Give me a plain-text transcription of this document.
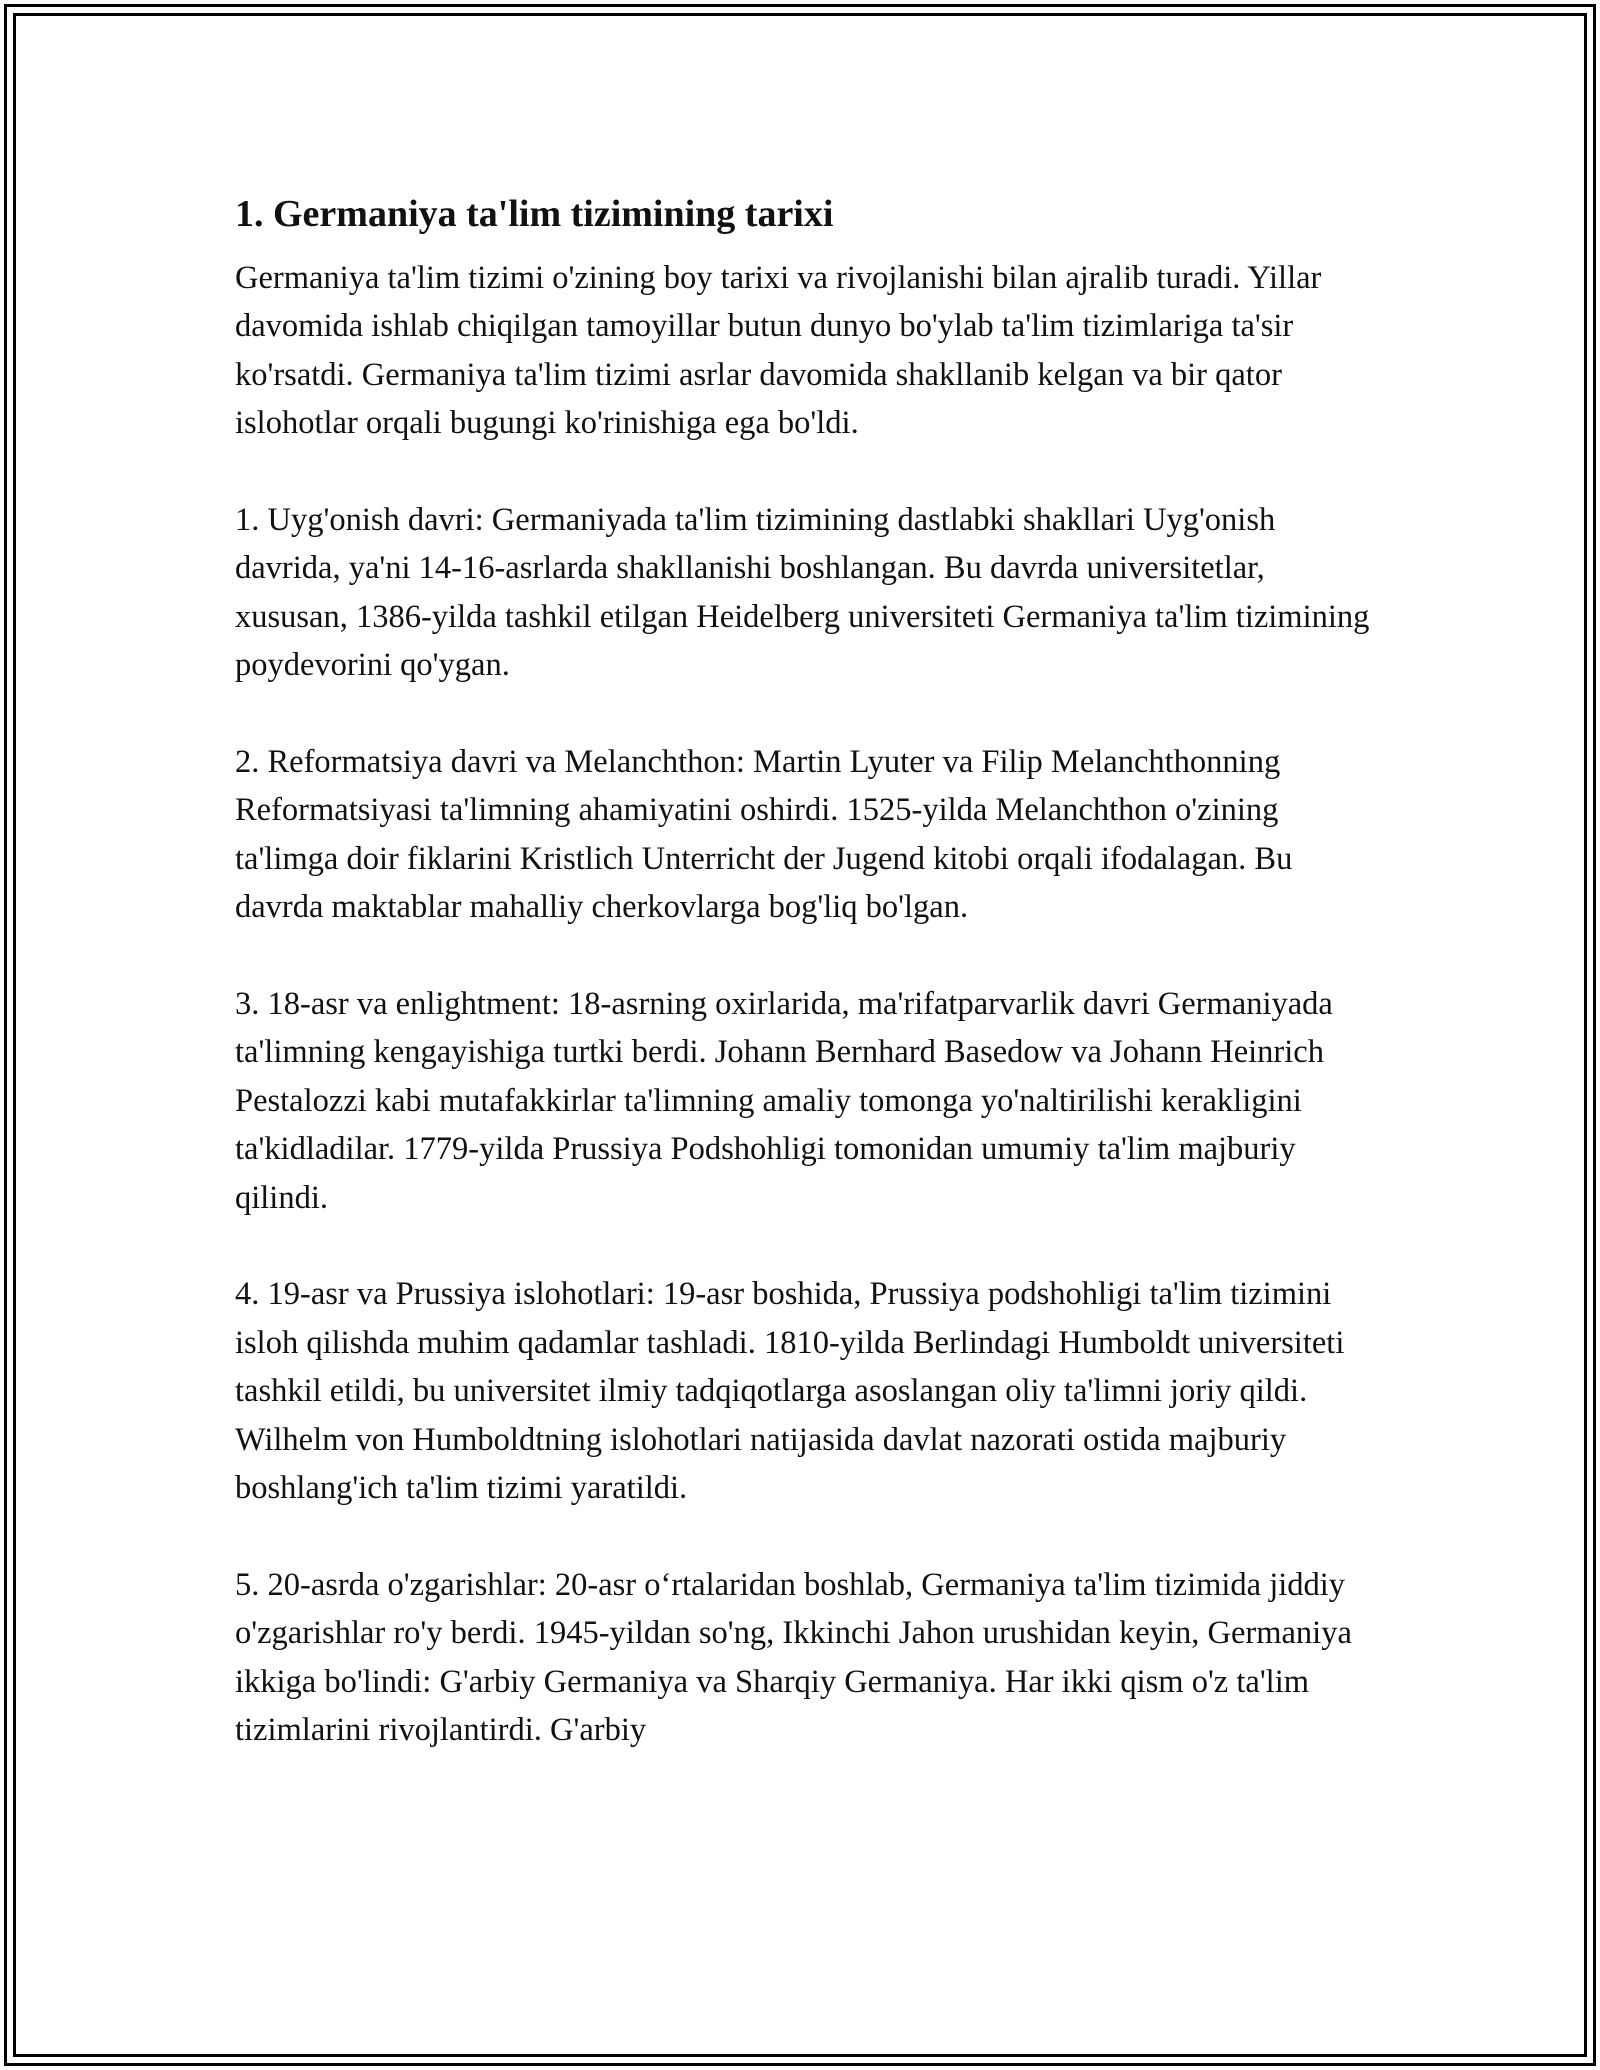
1. Germaniya ta'lim tizimining tarixi

Germaniya ta'lim tizimi o'zining boy tarixi va rivojlanishi bilan ajralib turadi. Yillar davomida ishlab chiqilgan tamoyillar butun dunyo bo'ylab ta'lim tizimlariga ta'sir ko'rsatdi. Germaniya ta'lim tizimi asrlar davomida shakllanib kelgan va bir qator islohotlar orqali bugungi ko'rinishiga ega bo'ldi.

1. Uyg'onish davri: Germaniyada ta'lim tizimining dastlabki shakllari Uyg'onish davrida, ya'ni 14-16-asrlarda shakllanishi boshlangan. Bu davrda universitetlar, xususan, 1386-yilda tashkil etilgan Heidelberg universiteti Germaniya ta'lim tizimining poydevorini qo'ygan.

2. Reformatsiya davri va Melanchthon: Martin Lyuter va Filip Melanchthonning Reformatsiyasi ta'limning ahamiyatini oshirdi. 1525-yilda Melanchthon o'zining ta'limga doir fiklarini Kristlich Unterricht der Jugend kitobi orqali ifodalagan. Bu davrda maktablar mahalliy cherkovlarga bog'liq bo'lgan.

3. 18-asr va enlightment: 18-asrning oxirlarida, ma'rifatparvarlik davri Germaniyada ta'limning kengayishiga turtki berdi. Johann Bernhard Basedow va Johann Heinrich Pestalozzi kabi mutafakkirlar ta'limning amaliy tomonga yo'naltirilishi kerakligini ta'kidladilar. 1779-yilda Prussiya Podshohligi tomonidan umumiy ta'lim majburiy qilindi.

4. 19-asr va Prussiya islohotlari: 19-asr boshida, Prussiya podshohligi ta'lim tizimini isloh qilishda muhim qadamlar tashladi. 1810-yilda Berlindagi Humboldt universiteti tashkil etildi, bu universitet ilmiy tadqiqotlarga asoslangan oliy ta'limni joriy qildi. Wilhelm von Humboldtning islohotlari natijasida davlat nazorati ostida majburiy boshlang'ich ta'lim tizimi yaratildi.

5. 20-asrda o'zgarishlar: 20-asr o‘rtalaridan boshlab, Germaniya ta'lim tizimida jiddiy o'zgarishlar ro'y berdi. 1945-yildan so'ng, Ikkinchi Jahon urushidan keyin, Germaniya ikkiga bo'lindi: G'arbiy Germaniya va Sharqiy Germaniya. Har ikki qism o'z ta'lim tizimlarini rivojlantirdi. G'arbiy
